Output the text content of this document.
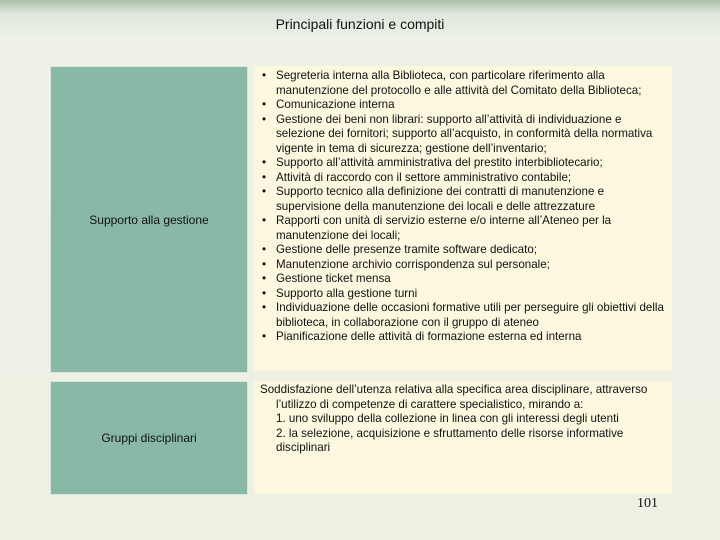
Principali funzioni e compiti
Supporto alla gestione
• Segreteria interna alla Biblioteca, con particolare riferimento alla manutenzione del protocollo e alle attività del Comitato della Biblioteca;
• Comunicazione interna
• Gestione dei beni non librari: supporto all’attività di individuazione e selezione dei fornitori; supporto all’acquisto, in conformità della normativa vigente in tema di sicurezza; gestione dell’inventario;
• Supporto all’attività amministrativa del prestito interbibliotecario;
• Attività di raccordo con il settore amministrativo contabile;
• Supporto tecnico alla definizione dei contratti di manutenzione e supervisione della manutenzione dei locali e delle attrezzature
• Rapporti con unità di servizio esterne e/o interne all’Ateneo per la manutenzione dei locali;
• Gestione delle presenze tramite software dedicato;
• Manutenzione archivio corrispondenza sul personale;
• Gestione ticket mensa
• Supporto alla gestione turni
• Individuazione delle occasioni formative utili per perseguire gli obiettivi della biblioteca, in collaborazione con il gruppo di ateneo
• Pianificazione delle attività di formazione esterna ed interna
Gruppi disciplinari
Soddisfazione dell’utenza relativa alla specifica area disciplinare, attraverso l’utilizzo di competenze di carattere specialistico, mirando a:
1. uno sviluppo della collezione in linea con gli interessi degli utenti
2. la selezione, acquisizione e sfruttamento delle risorse informative disciplinari
101
